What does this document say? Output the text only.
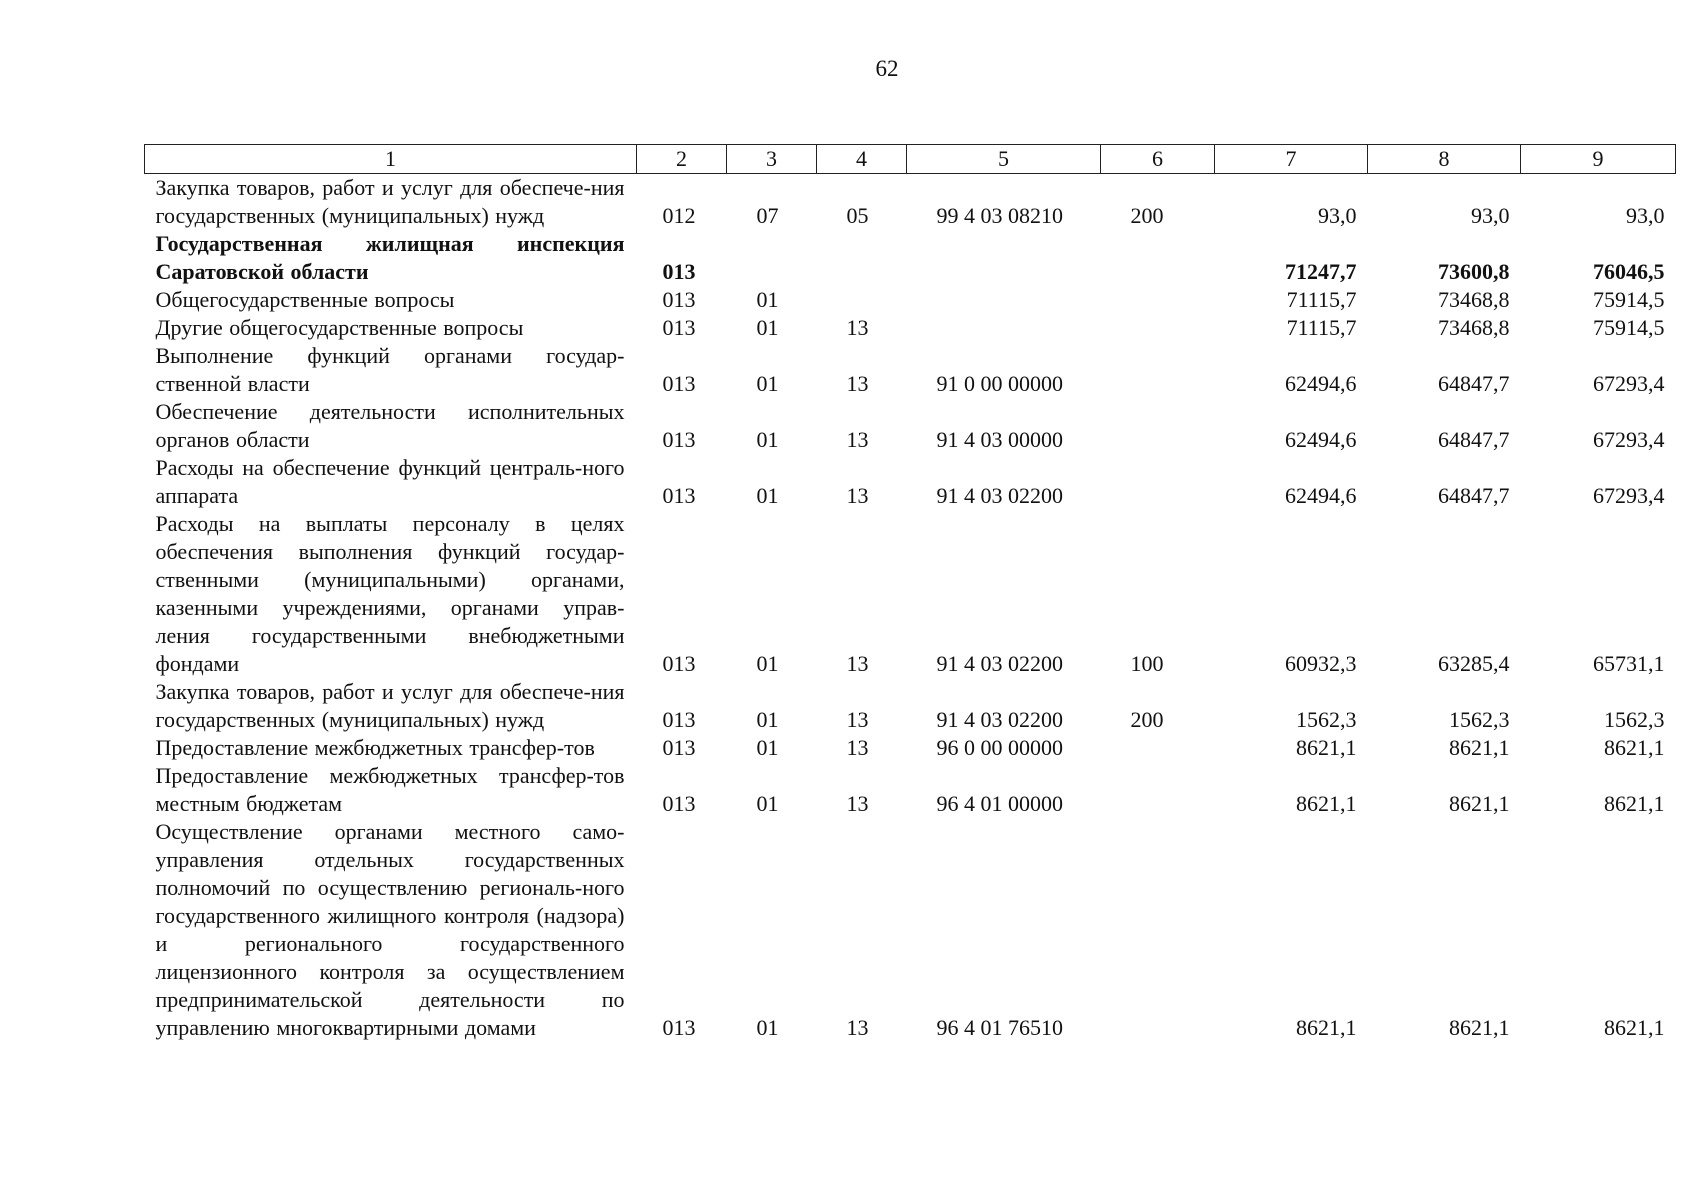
62
1	2	3	4	5	6	7	8	9
Закупка товаров, работ и услуг для обеспече-ния государственных (муниципальных) нужд	012	07	05	99 4 03 08210	200	93,0	93,0	93,0
Государственная жилищная инспекция Саратовской области	013					71247,7	73600,8	76046,5
Общегосударственные вопросы	013	01				71115,7	73468,8	75914,5
Другие общегосударственные вопросы	013	01	13			71115,7	73468,8	75914,5
Выполнение функций органами государ-ственной власти	013	01	13	91 0 00 00000		62494,6	64847,7	67293,4
Обеспечение деятельности исполнительных органов области	013	01	13	91 4 03 00000		62494,6	64847,7	67293,4
Расходы на обеспечение функций централь-ного аппарата	013	01	13	91 4 03 02200		62494,6	64847,7	67293,4
Расходы на выплаты персоналу в целях обеспечения выполнения функций государ-ственными (муниципальными) органами, казенными учреждениями, органами управ-ления государственными внебюджетными фондами	013	01	13	91 4 03 02200	100	60932,3	63285,4	65731,1
Закупка товаров, работ и услуг для обеспече-ния государственных (муниципальных) нужд	013	01	13	91 4 03 02200	200	1562,3	1562,3	1562,3
Предоставление межбюджетных трансфер-тов	013	01	13	96 0 00 00000		8621,1	8621,1	8621,1
Предоставление межбюджетных трансфер-тов местным бюджетам	013	01	13	96 4 01 00000		8621,1	8621,1	8621,1
Осуществление органами местного само-управления отдельных государственных полномочий по осуществлению региональ-ного государственного жилищного контроля (надзора) и регионального государственного лицензионного контроля за осуществлением предпринимательской деятельности по управлению многоквартирными домами	013	01	13	96 4 01 76510		8621,1	8621,1	8621,1
